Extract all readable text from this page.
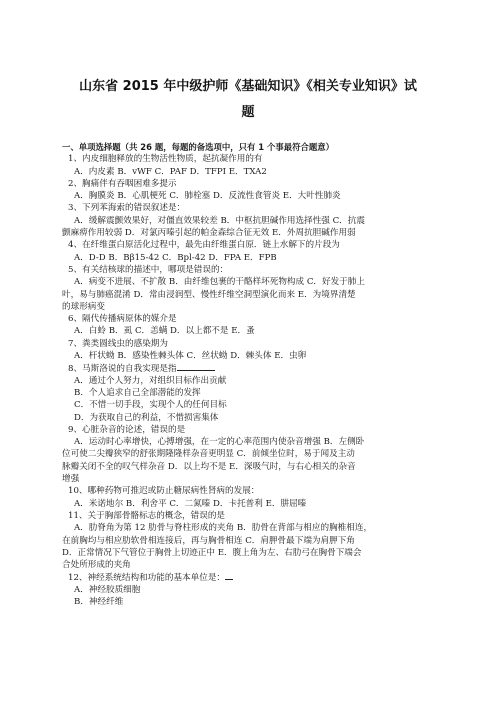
山东省 2015 年中级护师《基础知识》《相关专业知识》试
题
一、单项选择题（共 26 题，每题的备选项中，只有 1 个事最符合题意）
1、内皮细胞释放的生物活性物质，起抗凝作用的有
A．内皮素 B．vWF C．PAF D．TFPI E．TXA2
2、胸痛伴有吞咽困难多提示
A．胸膜炎 B．心肌梗死 C．肺栓塞 D．反流性食管炎 E．大叶性肺炎
3、下列苯海索的错误叙述是：
A．缓解震颤效果好，对僵直效果较差 B．中枢抗胆碱作用选择性强 C．抗震
颤麻痹作用较弱 D．对氯丙嗪引起的帕金森综合征无效 E．外周抗胆碱作用弱
4、在纤维蛋白原活化过程中，最先由纤维蛋白原．链上水解下的片段为
A．D-D B．Bβ15-42 C．Bpl-42 D．FPA E．FPB
5、有关结核球的描述中，哪项是错误的：
A．病变不进展、不扩散 B．由纤维包裹的干酪样坏死物构成 C．好发于肺上
叶，易与肺癌混淆 D．常由浸润型、慢性纤维空洞型演化而来 E．为境界清楚
的球形病变
6、隔代传播病原体的媒介是
A．白蛉 B．虱 C．恙螨 D．以上都不是 E．蚤
7、粪类圆线虫的感染期为
A．杆状蚴 B．感染性棘头体 C．丝状蚴 D．棘头体 E．虫卵
8、马斯洛说的自我实现是指
A．通过个人努力，对组织目标作出贡献
B．个人追求自己全部潜能的发挥
C．不惜一切手段，实现个人的任何目标
D．为获取自己的利益，不惜损害集体
9、心脏杂音的论述，错误的是
A．运动时心率增快，心搏增强，在一定的心率范围内使杂音增强 B．左侧卧
位可使二尖瓣狭窄的舒张期隆隆样杂音更明显 C．前倾坐位时，易于闻及主动
脉瓣关闭不全的叹气样杂音 D．以上均不是 E．深吸气时，与右心相关的杂音
增强
10、哪种药物可推迟或防止糖尿病性肾病的发展：
A．米诺地尔 B．利舍平 C．二氮嗪 D．卡托普利 E．肼屈嗪
11、关于胸部骨骼标志的概念，错误的是
A．肋脊角为第 12 肋骨与脊柱形成的夹角 B．肋骨在背部与相应的胸椎相连，
在前胸均与相应肋软骨相连接后，再与胸骨相连 C．肩胛骨最下端为肩胛下角
D．正常情况下气管位于胸骨上切迹正中 E．腹上角为左、右肋弓在胸骨下端会
合处所形成的夹角
12、神经系统结构和功能的基本单位是：
A．神经胶质细胞
B．神经纤维
